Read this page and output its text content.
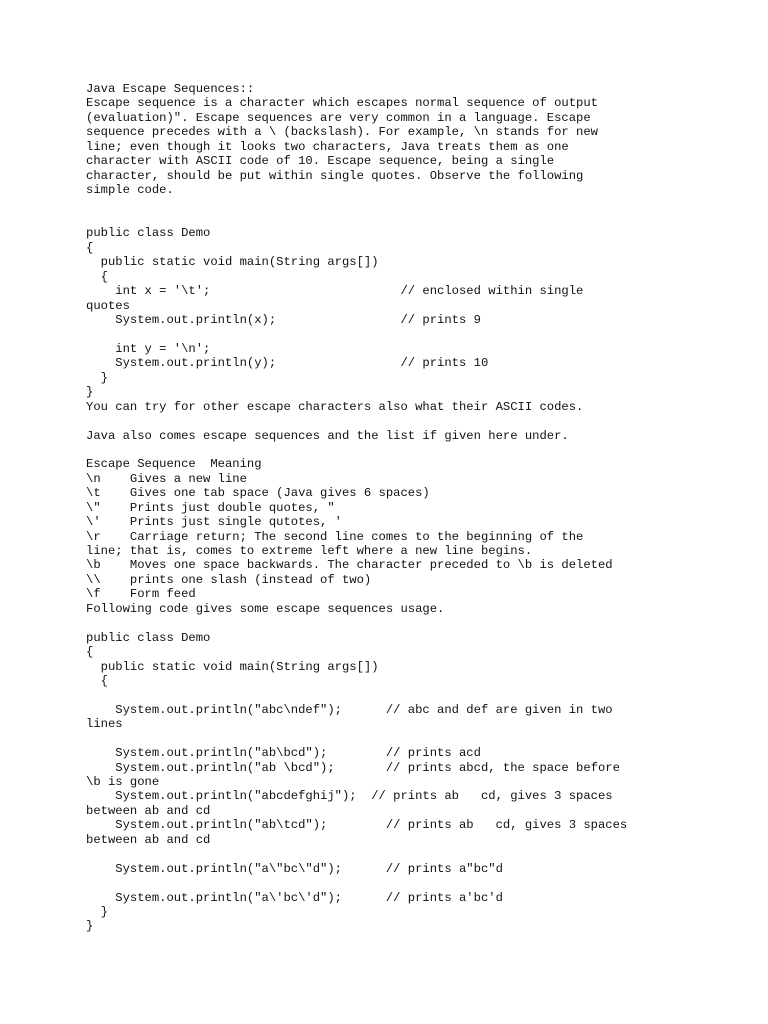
Java Escape Sequences::
Escape sequence is a character which escapes normal sequence of output
(evaluation)". Escape sequences are very common in a language. Escape
sequence precedes with a \ (backslash). For example, \n stands for new
line; even though it looks two characters, Java treats them as one
character with ASCII code of 10. Escape sequence, being a single
character, should be put within single quotes. Observe the following
simple code.
public class Demo
{
public static void main(String args[])
{
int x = '\t';                          // enclosed within single
quotes
System.out.println(x);                 // prints 9
int y = '\n';
System.out.println(y);                 // prints 10
}
}
You can try for other escape characters also what their ASCII codes.
Java also comes escape sequences and the list if given here under.
Escape Sequence  Meaning
\n    Gives a new line
\t    Gives one tab space (Java gives 6 spaces)
\"    Prints just double quotes, "
\'    Prints just single qutotes, '
\r    Carriage return; The second line comes to the beginning of the
line; that is, comes to extreme left where a new line begins.
\b    Moves one space backwards. The character preceded to \b is deleted
\\    prints one slash (instead of two)
\f    Form feed
Following code gives some escape sequences usage.
public class Demo
{
public static void main(String args[])
{
System.out.println("abc\ndef");      // abc and def are given in two
lines
System.out.println("ab\bcd");        // prints acd
System.out.println("ab \bcd");       // prints abcd, the space before
\b is gone
System.out.println("abcdefghij");  // prints ab   cd, gives 3 spaces
between ab and cd
System.out.println("ab\tcd");        // prints ab   cd, gives 3 spaces
between ab and cd
System.out.println("a\"bc\"d");      // prints a"bc"d
System.out.println("a\'bc\'d");      // prints a'bc'd
}
}
